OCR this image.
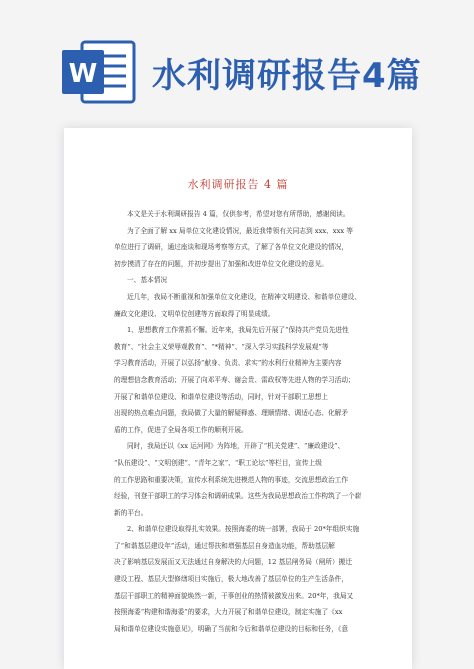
W 水利调研报告4篇
水利调研报告 4 篇
本文是关于水利调研报告 4 篇，仅供参考，希望对您有所帮助，感谢阅读。
为了全面了解 xx 局单位文化建设情况，最近我带领有关同志到 xxx、xxx 等
单位进行了调研，通过座谈和现场考察等方式，了解了各单位文化建设的情况，
初步摸清了存在的问题，并初步提出了加强和改进单位文化建设的意见。
一、基本情况
近几年，我局不断重视和加强单位文化建设，在精神文明建设、和谐单位建设、
廉政文化建设、文明单位创建等方面取得了明显成绩。
1、思想教育工作常抓不懈。近年来，我局先后开展了“保持共产党员先进性
教育”、“社会主义荣辱观教育”、“*精神”、“深入学习实践科学发展观”等
学习教育活动，开展了以弘扬“献身、负责、求实”的水利行业精神为主要内容
的理想信念教育活动；开展了向邓平寿、谢会贵、雷政权等先进人物的学习活动；
开展了和谐单位建设、和谐单位建设等活动，同时，针对干部职工思想上
出现的热点难点问题，我局做了大量的解疑释惑、理顺情绪、调适心态、化解矛
盾的工作，促进了全局各项工作的顺利开展。
同时，我局还以《xx 运河网》为阵地，开辟了“机关党建”、“廉政建设”、
“队伍建设”、“文明创建”、“青年之家”、“职工论坛”等栏目，宣传上级
的工作思路和重要决策，宣传水利系统先进模范人物的事迹，交流思想政治工作
经验，刊登干部职工的学习体会和调研成果。这些为我局思想政治工作构筑了一个崭
新的平台。
2、和谐单位建设取得扎实效果。按照海委的统一部署，我局于 20*年组织实施
了“和谐基层建设年”活动，通过帮扶和增强基层自身造血功能，帮助基层解
决了影响基层发展而又无法通过自身解决的大问题，12 基层闸务局（闸所）搬迁
建设工程、基层大型修缮项目实施后，极大地改善了基层单位的生产生活条件，
基层干部职工的精神面貌焕然一新，干事创业的热情被激发出来。20*年，我局又
按照海委“构建和谐海委”的要求，大力开展了和谐单位建设，制定实施了《xx
局和谐单位建设实施意见》，明确了当前和今后和谐单位建设的目标和任务，《意
